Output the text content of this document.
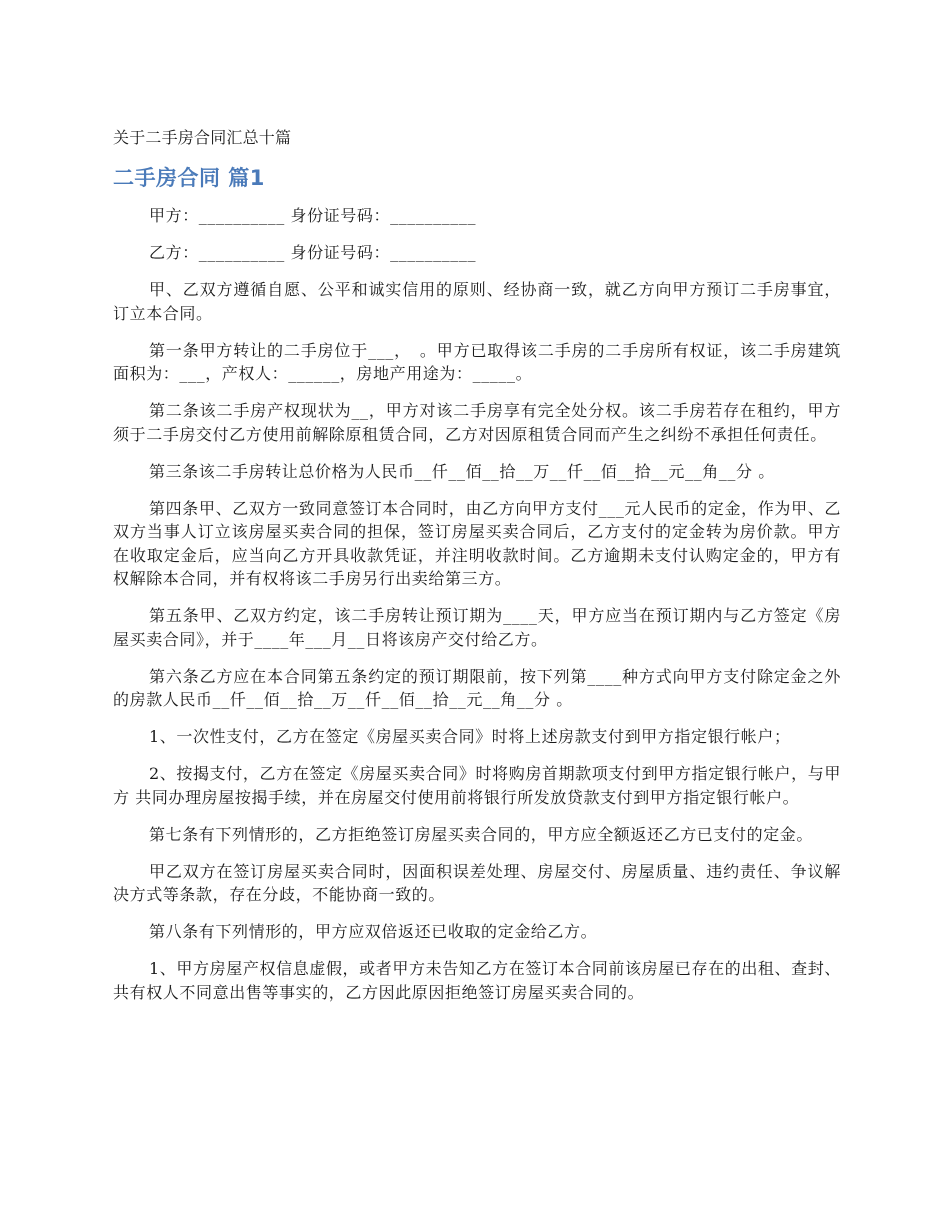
关于二手房合同汇总十篇
二手房合同 篇1

甲方：__________ 身份证号码：__________

乙方：__________ 身份证号码：__________

甲、乙双方遵循自愿、公平和诚实信用的原则、经协商一致，就乙方向甲方预订二手房事宜，订立本合同。

第一条甲方转让的二手房位于___，　。甲方已取得该二手房的二手房所有权证，该二手房建筑面积为：___，产权人：______，房地产用途为：_____。

第二条该二手房产权现状为__，甲方对该二手房享有完全处分权。该二手房若存在租约，甲方须于二手房交付乙方使用前解除原租赁合同，乙方对因原租赁合同而产生之纠纷不承担任何责任。

第三条该二手房转让总价格为人民币__仟__佰__拾__万__仟__佰__拾__元__角__分 。

第四条甲、乙双方一致同意签订本合同时，由乙方向甲方支付___元人民币的定金，作为甲、乙双方当事人订立该房屋买卖合同的担保，签订房屋买卖合同后，乙方支付的定金转为房价款。甲方在收取定金后，应当向乙方开具收款凭证，并注明收款时间。乙方逾期未支付认购定金的，甲方有权解除本合同，并有权将该二手房另行出卖给第三方。

第五条甲、乙双方约定，该二手房转让预订期为____天，甲方应当在预订期内与乙方签定《房屋买卖合同》，并于____年___月__日将该房产交付给乙方。

第六条乙方应在本合同第五条约定的预订期限前，按下列第____种方式向甲方支付除定金之外的房款人民币__仟__佰__拾__万__仟__佰__拾__元__角__分 。

1、一次性支付，乙方在签定《房屋买卖合同》时将上述房款支付到甲方指定银行帐户；

2、按揭支付，乙方在签定《房屋买卖合同》时将购房首期款项支付到甲方指定银行帐户，与甲方 共同办理房屋按揭手续，并在房屋交付使用前将银行所发放贷款支付到甲方指定银行帐户。

第七条有下列情形的，乙方拒绝签订房屋买卖合同的，甲方应全额返还乙方已支付的定金。

甲乙双方在签订房屋买卖合同时，因面积误差处理、房屋交付、房屋质量、违约责任、争议解决方式等条款，存在分歧，不能协商一致的。

第八条有下列情形的，甲方应双倍返还已收取的定金给乙方。

1、甲方房屋产权信息虚假，或者甲方未告知乙方在签订本合同前该房屋已存在的出租、查封、共有权人不同意出售等事实的，乙方因此原因拒绝签订房屋买卖合同的。
